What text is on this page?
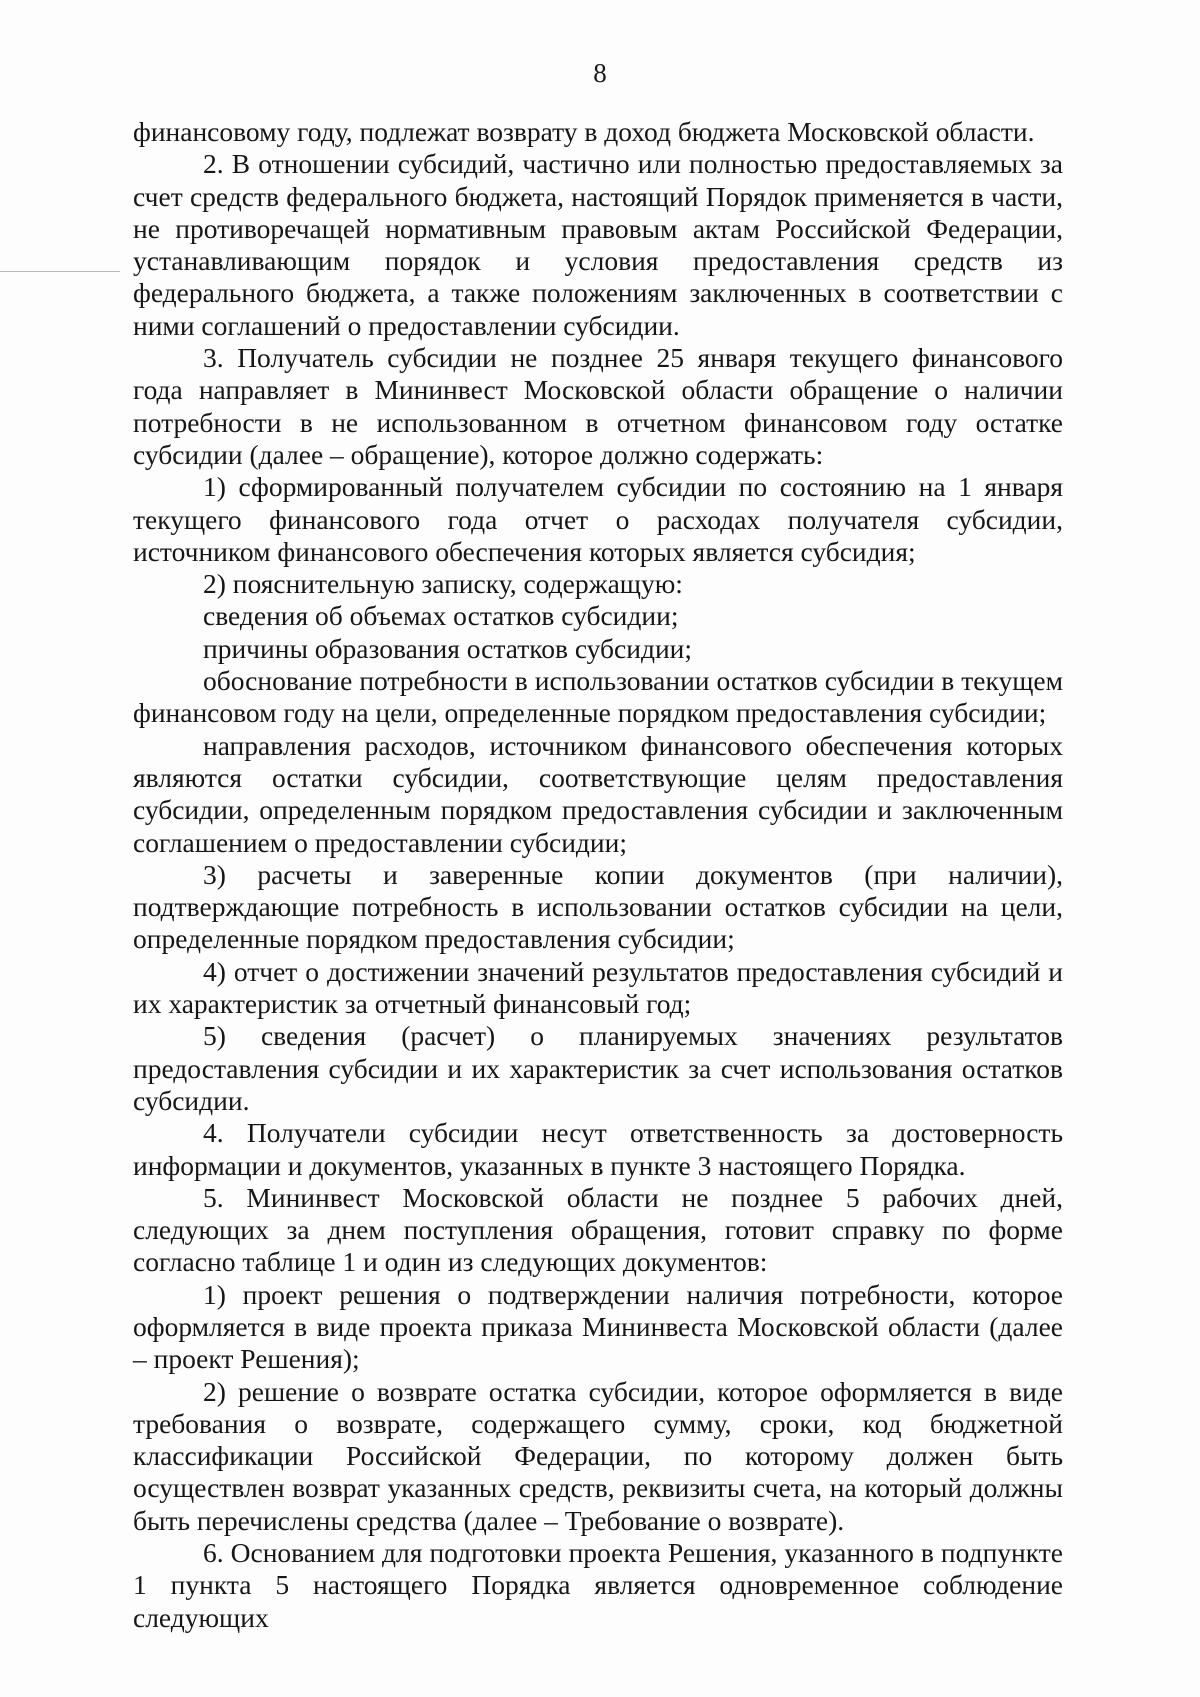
8

финансовому году, подлежат возврату в доход бюджета Московской области.

2. В отношении субсидий, частично или полностью предоставляемых за счет средств федерального бюджета, настоящий Порядок применяется в части, не противоречащей нормативным правовым актам Российской Федерации, устанавливающим порядок и условия предоставления средств из федерального бюджета, а также положениям заключенных в соответствии с ними соглашений о предоставлении субсидии.

3. Получатель субсидии не позднее 25 января текущего финансового года направляет в Мининвест Московской области обращение о наличии потребности в не использованном в отчетном финансовом году остатке субсидии (далее – обращение), которое должно содержать:

1) сформированный получателем субсидии по состоянию на 1 января текущего финансового года отчет о расходах получателя субсидии, источником финансового обеспечения которых является субсидия;

2) пояснительную записку, содержащую:

сведения об объемах остатков субсидии;

причины образования остатков субсидии;

обоснование потребности в использовании остатков субсидии в текущем финансовом году на цели, определенные порядком предоставления субсидии;

направления расходов, источником финансового обеспечения которых являются остатки субсидии, соответствующие целям предоставления субсидии, определенным порядком предоставления субсидии и заключенным соглашением о предоставлении субсидии;

3) расчеты и заверенные копии документов (при наличии), подтверждающие потребность в использовании остатков субсидии на цели, определенные порядком предоставления субсидии;

4) отчет о достижении значений результатов предоставления субсидий и их характеристик за отчетный финансовый год;

5) сведения (расчет) о планируемых значениях результатов предоставления субсидии и их характеристик за счет использования остатков субсидии.

4. Получатели субсидии несут ответственность за достоверность информации и документов, указанных в пункте 3 настоящего Порядка.

5. Мининвест Московской области не позднее 5 рабочих дней, следующих за днем поступления обращения, готовит справку по форме согласно таблице 1 и один из следующих документов:

1) проект решения о подтверждении наличия потребности, которое оформляется в виде проекта приказа Мининвеста Московской области (далее – проект Решения);

2) решение о возврате остатка субсидии, которое оформляется в виде требования о возврате, содержащего сумму, сроки, код бюджетной классификации Российской Федерации, по которому должен быть осуществлен возврат указанных средств, реквизиты счета, на который должны быть перечислены средства (далее – Требование о возврате).

6. Основанием для подготовки проекта Решения, указанного в подпункте 1 пункта 5 настоящего Порядка является одновременное соблюдение следующих
